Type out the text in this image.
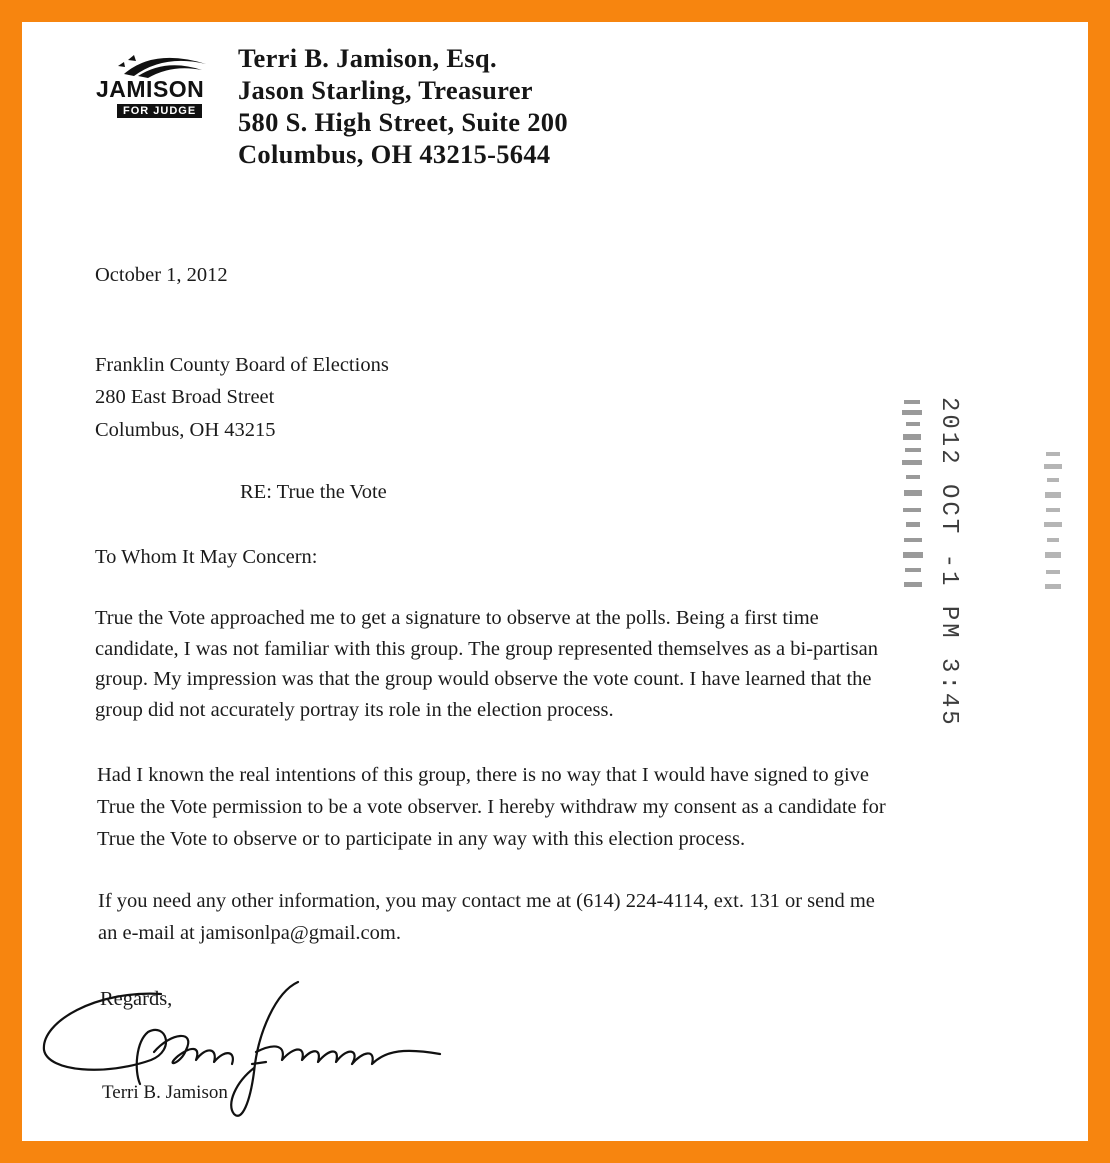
JAMISON
FOR JUDGE
Terri B. Jamison, Esq.
Jason Starling, Treasurer
580 S. High Street, Suite 200
Columbus, OH 43215-5644
October 1, 2012
Franklin County Board of Elections
280 East Broad Street
Columbus, OH 43215
RE: True the Vote
To Whom It May Concern:
True the Vote approached me to get a signature to observe at the polls. Being a first time
candidate, I was not familiar with this group. The group represented themselves as a bi-partisan
group. My impression was that the group would observe the vote count. I have learned that the
group did not accurately portray its role in the election process.
Had I known the real intentions of this group, there is no way that I would have signed to give
True the Vote permission to be a vote observer. I hereby withdraw my consent as a candidate for
True the Vote to observe or to participate in any way with this election process.
If you need any other information, you may contact me at (614) 224-4114, ext. 131 or send me
an e-mail at jamisonlpa@gmail.com.
Regards,
Terri B. Jamison
2012 OCT -1 PM 3:45
